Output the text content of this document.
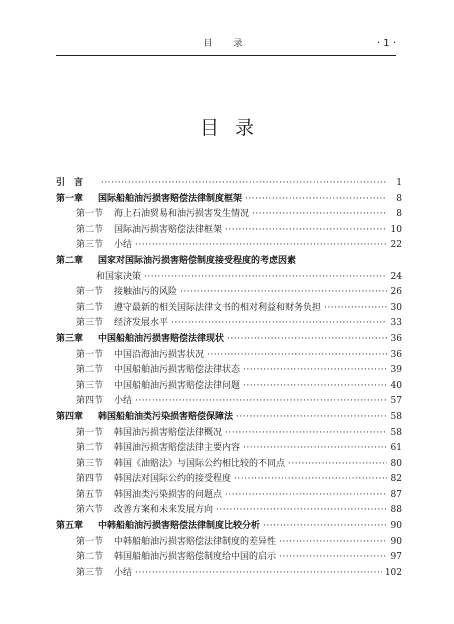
目　录	· 1 ·
目录
引　言 ·····	1
第一章	国际船舶油污损害赔偿法律制度框架 ·····	8
第一节	海上石油贸易和油污损害发生情况 ·····	8
第二节	国际油污损害赔偿法律框架 ·····	10
第三节	小结 ·····	22
第二章	国家对国际油污损害赔偿制度接受程度的考虑因素
和国家决策 ·····	24
第一节	接触油污的风险 ·····	26
第二节	遵守最新的相关国际法律文书的相对利益和财务负担 ·····	30
第三节	经济发展水平 ·····	33
第三章	中国船舶油污损害赔偿法律现状 ·····	36
第一节	中国沿海油污损害状况 ·····	36
第二节	中国船舶油污损害赔偿法律状态 ·····	39
第三节	中国船舶油污损害赔偿法律问题 ·····	40
第四节	小结 ·····	57
第四章	韩国船舶油类污染损害赔偿保障法 ·····	58
第一节	韩国油污损害赔偿法律概况 ·····	58
第二节	韩国油污损害赔偿法律主要内容 ·····	61
第三节	韩国《油赔法》与国际公约相比较的不同点 ·····	80
第四节	韩国法对国际公约的接受程度 ·····	82
第五节	韩国油类污染损害的问题点 ·····	87
第六节	改善方案和未来发展方向 ·····	88
第五章	中韩船舶油污损害赔偿法律制度比较分析 ·····	90
第一节	中韩船舶油污损害赔偿法律制度的差异性 ·····	90
第二节	韩国船舶油污损害赔偿制度给中国的启示 ·····	97
第三节	小结 ·····	102
